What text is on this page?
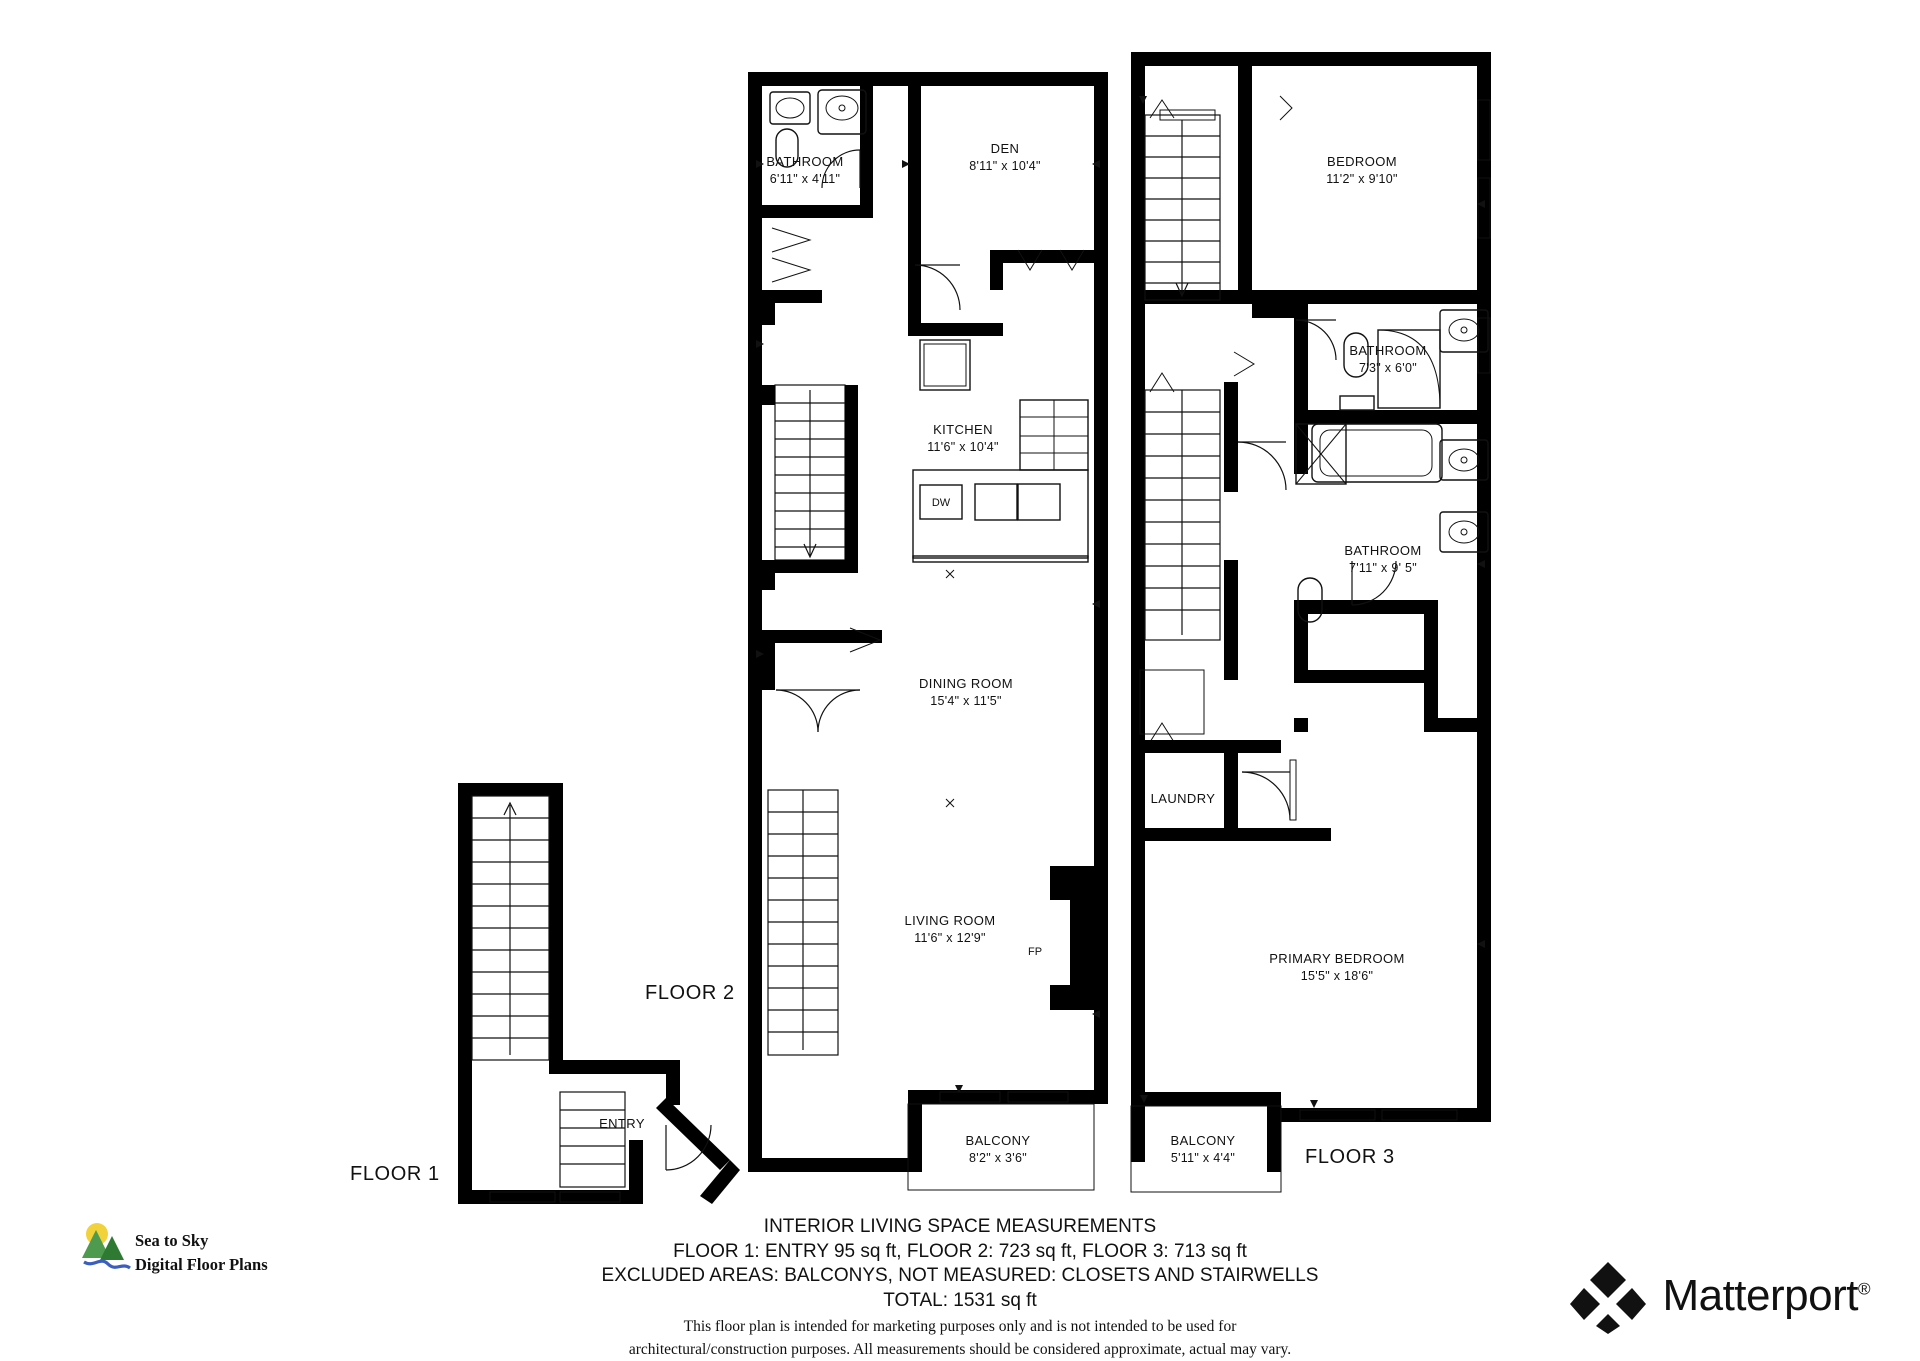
ENTRY
FLOOR 1
DW
FP
BATHROOM
6'11" x 4'11"
DEN
8'11" x 10'4"
KITCHEN
11'6" x 10'4"
DINING ROOM
15'4" x 11'5"
LIVING ROOM
11'6" x 12'9"
BALCONY
8'2" x 3'6"
FLOOR 2
BEDROOM
11'2" x 9'10"
BATHROOM
7'3" x 6'0"
BATHROOM
7'11" x 9' 5"
LAUNDRY
PRIMARY BEDROOM
15'5" x 18'6"
BALCONY
5'11" x 4'4"	FLOOR 3
INTERIOR LIVING SPACE MEASUREMENTS
FLOOR 1: ENTRY 95 sq ft, FLOOR 2: 723 sq ft, FLOOR 3: 713 sq ft
EXCLUDED AREAS: BALCONYS, NOT MEASURED: CLOSETS AND STAIRWELLS
TOTAL: 1531 sq ft
This floor plan is intended for marketing purposes only and is not intended to be used for
architectural/construction purposes. All measurements should be considered approximate, actual may vary.
Sea to Sky
Digital Floor Plans
Matterport®
